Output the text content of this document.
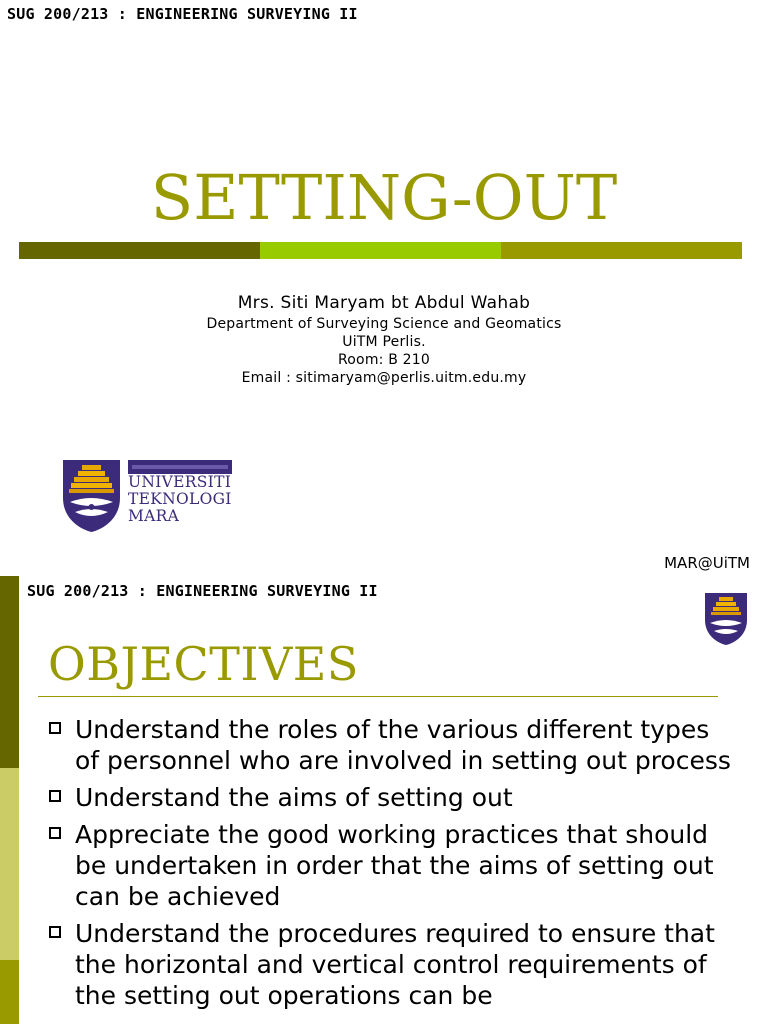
SUG 200/213 : ENGINEERING SURVEYING II
SETTING-OUT
Mrs. Siti Maryam bt Abdul Wahab
Department of Surveying Science and Geomatics
UiTM Perlis.
Room: B 210
Email : sitimaryam@perlis.uitm.edu.my
UNIVERSITI
TEKNOLOGI
MARA
MAR@UiTM
SUG 200/213 : ENGINEERING SURVEYING II
OBJECTIVES
Understand the roles of the various different types of personnel who are involved in setting out process
Understand the aims of setting out
Appreciate the good working practices that should be undertaken in order that the aims of setting out can be achieved
Understand the procedures required to ensure that the horizontal and vertical control requirements of the setting out operations can be
